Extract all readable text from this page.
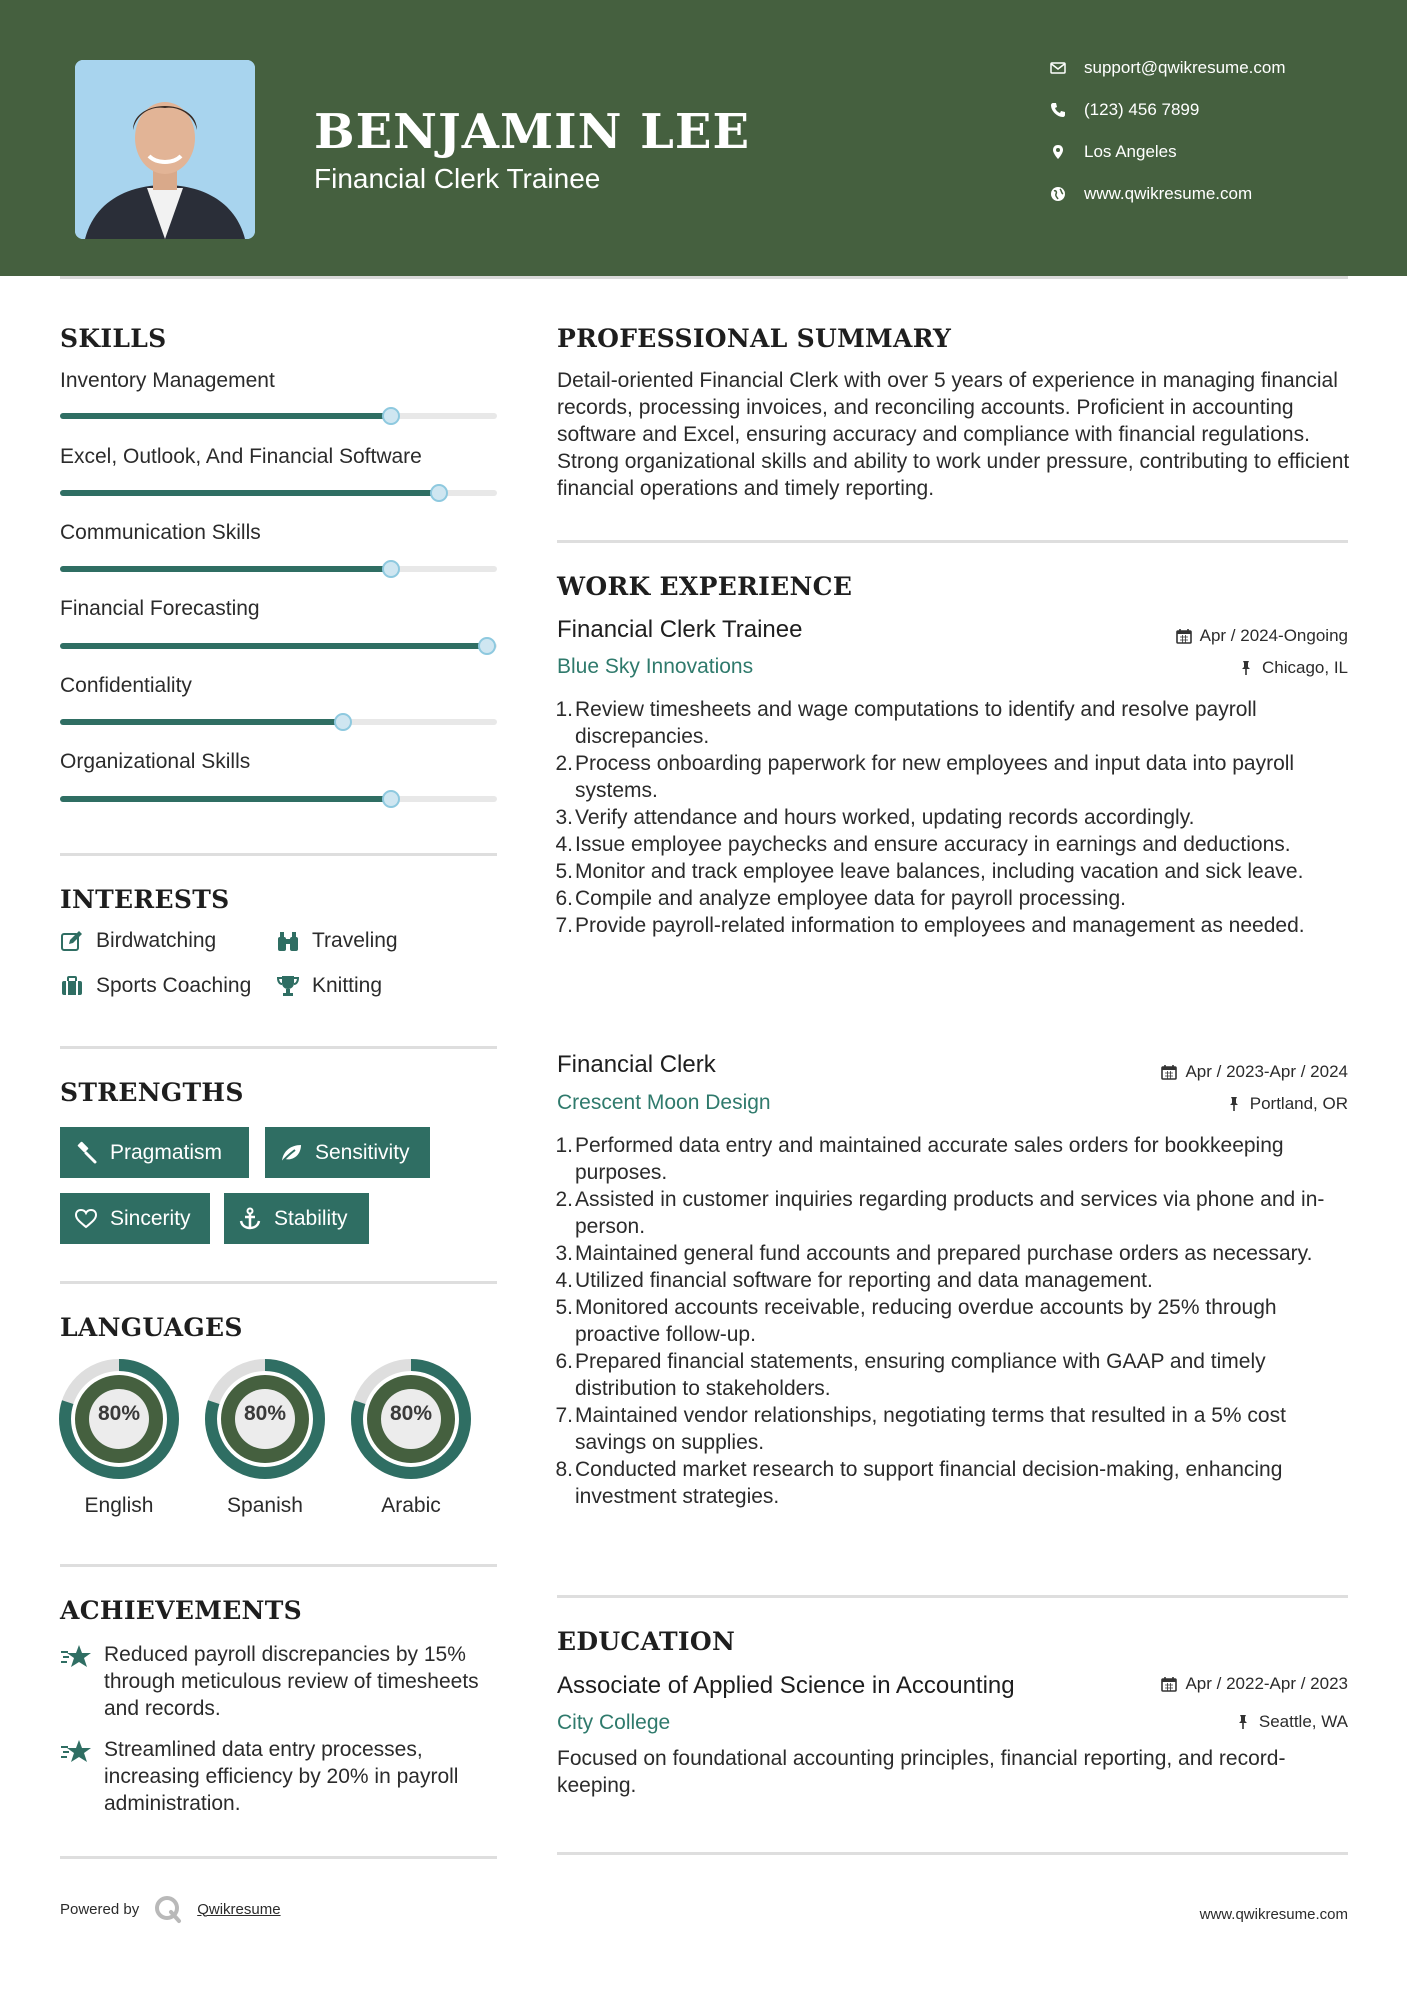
BENJAMIN LEE
Financial Clerk Trainee
support@qwikresume.com
(123) 456 7899
Los Angeles
www.qwikresume.com
SKILLS
Inventory Management
Excel, Outlook, And Financial Software
Communication Skills
Financial Forecasting
Confidentiality
Organizational Skills
INTERESTS
Birdwatching	Traveling
Sports Coaching	Knitting
STRENGTHS
Pragmatism	Sensitivity
Sincerity	Stability
LANGUAGES
80%
English
80%
Spanish
80%
Arabic
ACHIEVEMENTS
Reduced payroll discrepancies by 15% through meticulous review of timesheets and records.
Streamlined data entry processes, increasing efficiency by 20% in payroll administration.
PROFESSIONAL SUMMARY
Detail-oriented Financial Clerk with over 5 years of experience in managing financial records, processing invoices, and reconciling accounts. Proficient in accounting software and Excel, ensuring accuracy and compliance with financial regulations. Strong organizational skills and ability to work under pressure, contributing to efficient financial operations and timely reporting.
WORK EXPERIENCE
Financial Clerk Trainee	Apr / 2024-Ongoing
Blue Sky Innovations	Chicago, IL
1. Review timesheets and wage computations to identify and resolve payroll discrepancies.
2. Process onboarding paperwork for new employees and input data into payroll systems.
3. Verify attendance and hours worked, updating records accordingly.
4. Issue employee paychecks and ensure accuracy in earnings and deductions.
5. Monitor and track employee leave balances, including vacation and sick leave.
6. Compile and analyze employee data for payroll processing.
7. Provide payroll-related information to employees and management as needed.
Financial Clerk	Apr / 2023-Apr / 2024
Crescent Moon Design	Portland, OR
1. Performed data entry and maintained accurate sales orders for bookkeeping purposes.
2. Assisted in customer inquiries regarding products and services via phone and in-person.
3. Maintained general fund accounts and prepared purchase orders as necessary.
4. Utilized financial software for reporting and data management.
5. Monitored accounts receivable, reducing overdue accounts by 25% through proactive follow-up.
6. Prepared financial statements, ensuring compliance with GAAP and timely distribution to stakeholders.
7. Maintained vendor relationships, negotiating terms that resulted in a 5% cost savings on supplies.
8. Conducted market research to support financial decision-making, enhancing investment strategies.
EDUCATION
Associate of Applied Science in Accounting	Apr / 2022-Apr / 2023
City College	Seattle, WA
Focused on foundational accounting principles, financial reporting, and record-keeping.
Powered by	Qwikresume	www.qwikresume.com
